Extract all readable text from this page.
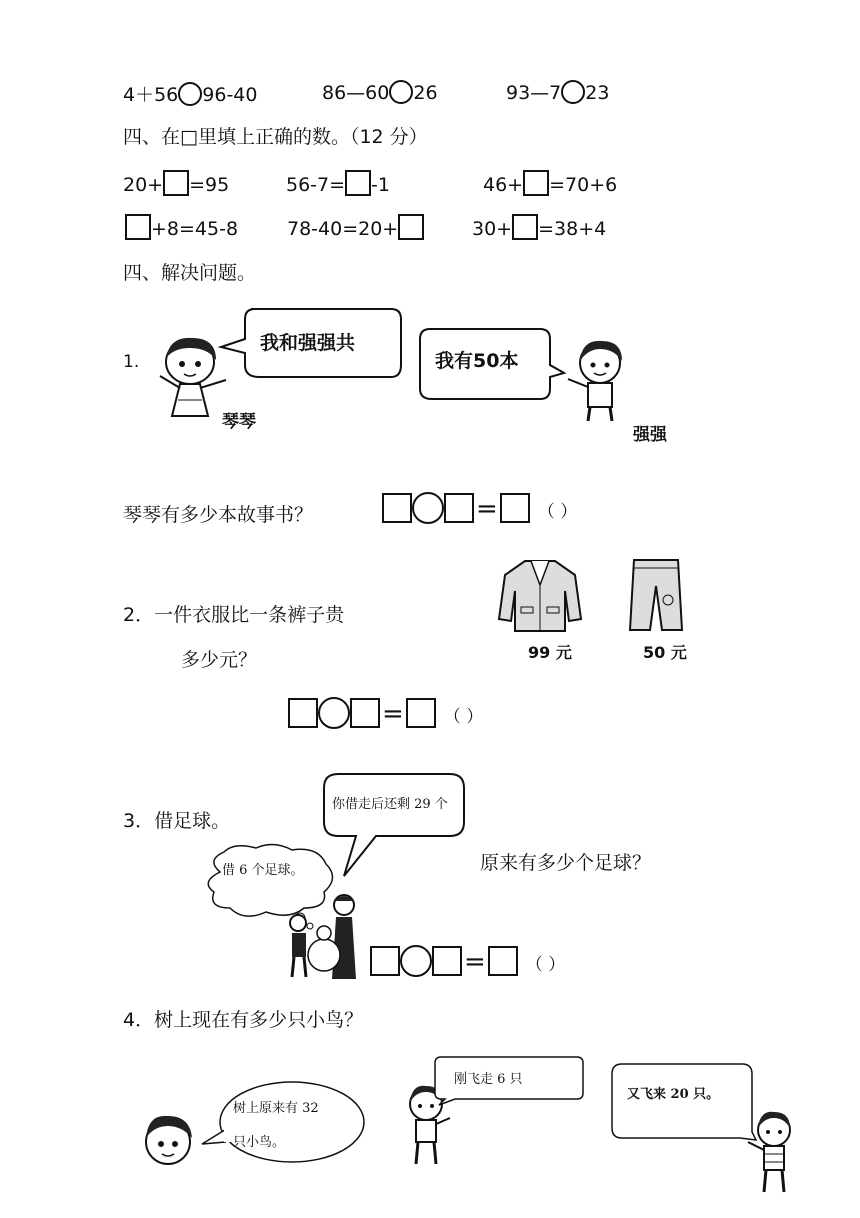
4＋56 96-40	86—60 26	93—7 23
四、在□里填上正确的数。（12 分）
20+ =95	56-7= -1	46+ =70+6
+8=45-8	78-40=20+	30+ =38+4
四、解决问题。
1.
琴琴
我和强强共
我有50本
强强
琴琴有多少本故事书？	= （ ）
2．一件衣服比一条裤子贵
多少元？	99 元	50 元
= （ ）
3．借足球。
你借走后还剩 29 个
借 6 个足球。	原来有多少个足球？
= （ ）
4．树上现在有多少只小鸟？
树上原来有 32
只小鸟。
刚飞走 6 只
又飞来 20 只。
